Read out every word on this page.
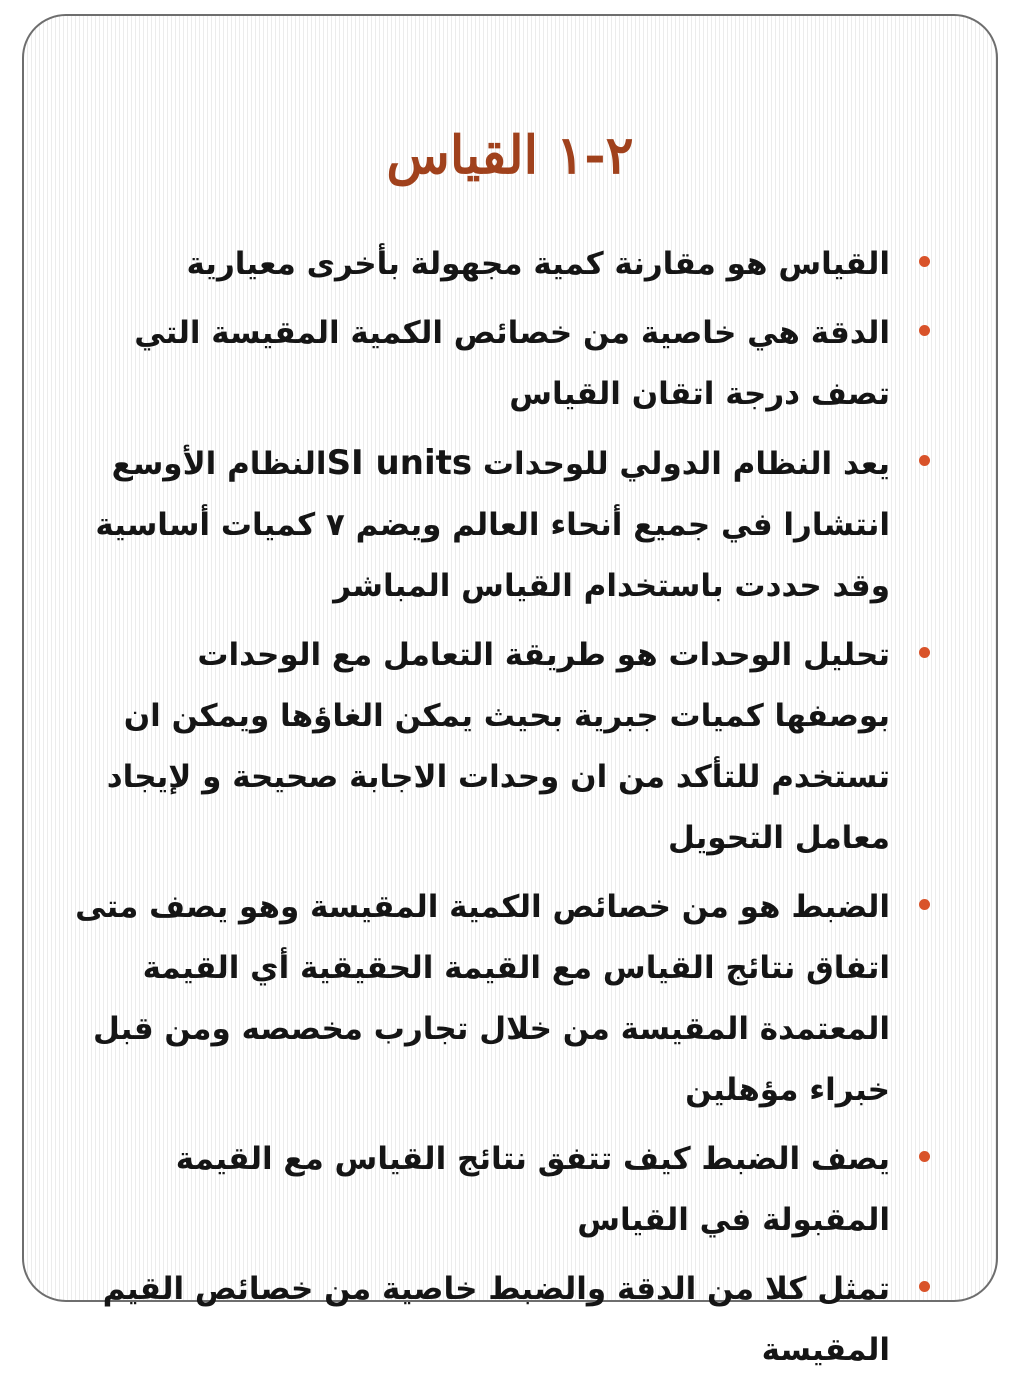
٢-١ القياس
القياس هو مقارنة كمية مجهولة بأخرى معيارية
الدقة هي خاصية من خصائص الكمية المقيسة التي تصف درجة اتقان القياس
يعد النظام الدولي للوحدات SI unitsالنظام الأوسع انتشارا في جميع أنحاء العالم ويضم ٧ كميات أساسية وقد حددت باستخدام القياس المباشر
تحليل الوحدات هو طريقة التعامل مع الوحدات بوصفها كميات جبرية بحيث يمكن الغاؤها ويمكن ان تستخدم للتأكد من ان وحدات الاجابة صحيحة و لإيجاد معامل التحويل
الضبط هو من خصائص الكمية المقيسة وهو يصف متى اتفاق نتائج القياس مع القيمة الحقيقية أي القيمة المعتمدة المقيسة من خلال تجارب مخصصه ومن قبل خبراء مؤهلين
يصف الضبط كيف تتفق نتائج القياس مع القيمة المقبولة في القياس
تمثل كلا من الدقة والضبط خاصية من خصائص القيم المقيسة
